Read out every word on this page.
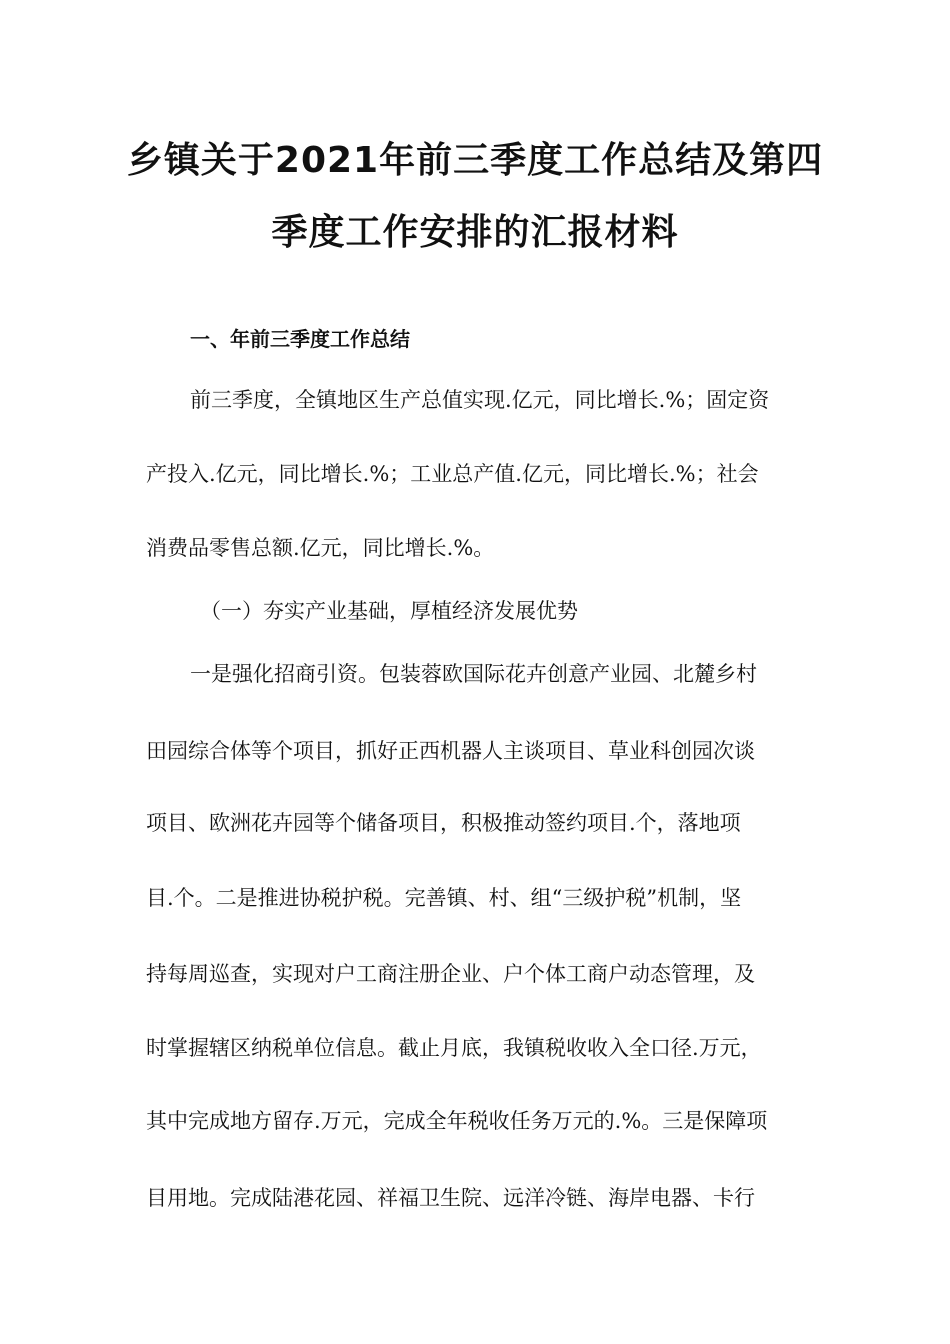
乡镇关于2021年前三季度工作总结及第四
季度工作安排的汇报材料
一、年前三季度工作总结
前三季度，全镇地区生产总值实现.亿元，同比增长.%；固定资
产投入.亿元，同比增长.%；工业总产值.亿元，同比增长.%；社会
消费品零售总额.亿元，同比增长.%。
（一）夯实产业基础，厚植经济发展优势
一是强化招商引资。包装蓉欧国际花卉创意产业园、北麓乡村
田园综合体等个项目，抓好正西机器人主谈项目、草业科创园次谈
项目、欧洲花卉园等个储备项目，积极推动签约项目.个，落地项
目.个。二是推进协税护税。完善镇、村、组“三级护税”机制，坚
持每周巡查，实现对户工商注册企业、户个体工商户动态管理，及
时掌握辖区纳税单位信息。截止月底，我镇税收收入全口径.万元，
其中完成地方留存.万元，完成全年税收任务万元的.%。三是保障项
目用地。完成陆港花园、祥福卫生院、远洋冷链、海岸电器、卡行
